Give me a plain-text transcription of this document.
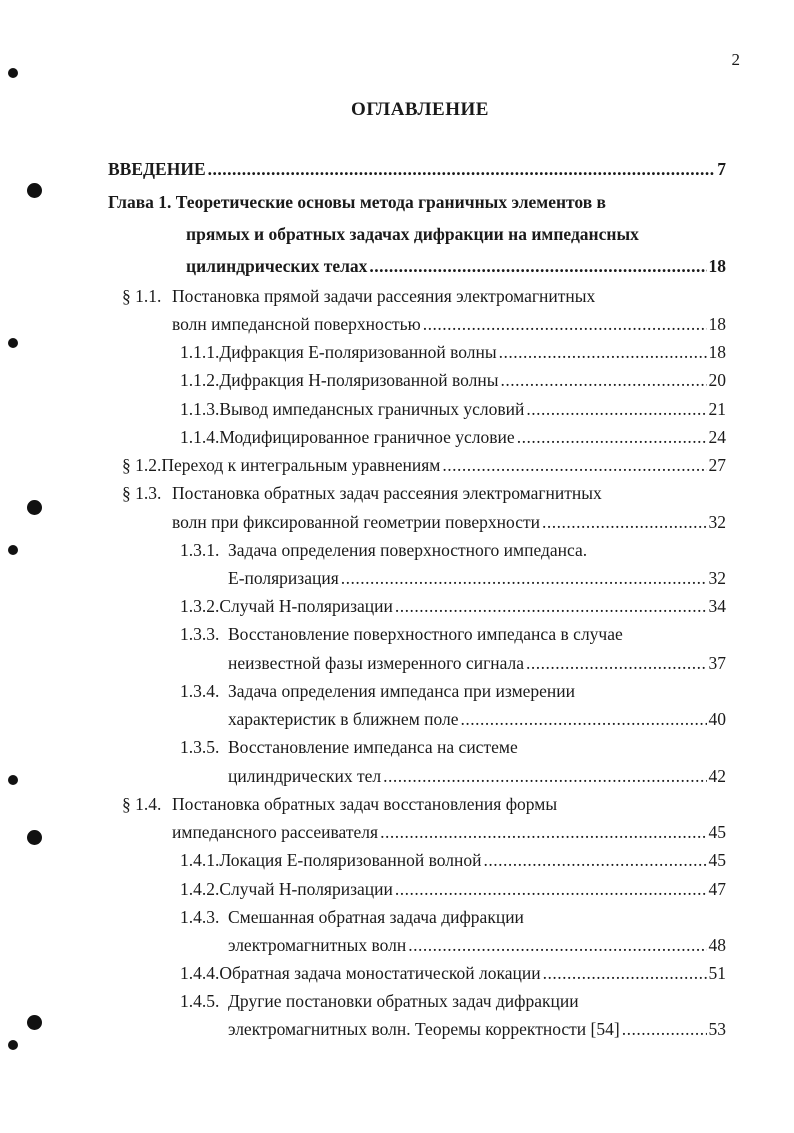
2
ОГЛАВЛЕНИЕ
ВВЕДЕНИЕ .....	7
Глава 1. Теоретические основы метода граничных элементов в
прямых и обратных задачах дифракции на импедансных
цилиндрических телах .....	18
§ 1.1. Постановка прямой задачи рассеяния электромагнитных
волн импедансной поверхностью .....	18
1.1.1. Дифракция E-поляризованной волны .....	18
1.1.2. Дифракция H-поляризованной волны .....	20
1.1.3. Вывод импедансных граничных условий .....	21
1.1.4. Модифицированное граничное условие .....	24
§ 1.2. Переход к интегральным уравнениям .....	27
§ 1.3. Постановка обратных задач рассеяния электромагнитных
волн при фиксированной геометрии поверхности .....	32
1.3.1. Задача определения поверхностного импеданса.
E-поляризация .....	32
1.3.2. Случай H-поляризации .....	34
1.3.3. Восстановление поверхностного импеданса в случае
неизвестной фазы измеренного сигнала .....	37
1.3.4. Задача определения импеданса при измерении
характеристик в ближнем поле .....	40
1.3.5. Восстановление импеданса на системе
цилиндрических тел .....	42
§ 1.4. Постановка обратных задач восстановления формы
импедансного рассеивателя .....	45
1.4.1. Локация E-поляризованной волной .....	45
1.4.2. Случай H-поляризации .....	47
1.4.3. Смешанная обратная задача дифракции
электромагнитных волн .....	48
1.4.4. Обратная задача моностатической локации .....	51
1.4.5. Другие постановки обратных задач дифракции
электромагнитных волн. Теоремы корректности [54] .....	53
